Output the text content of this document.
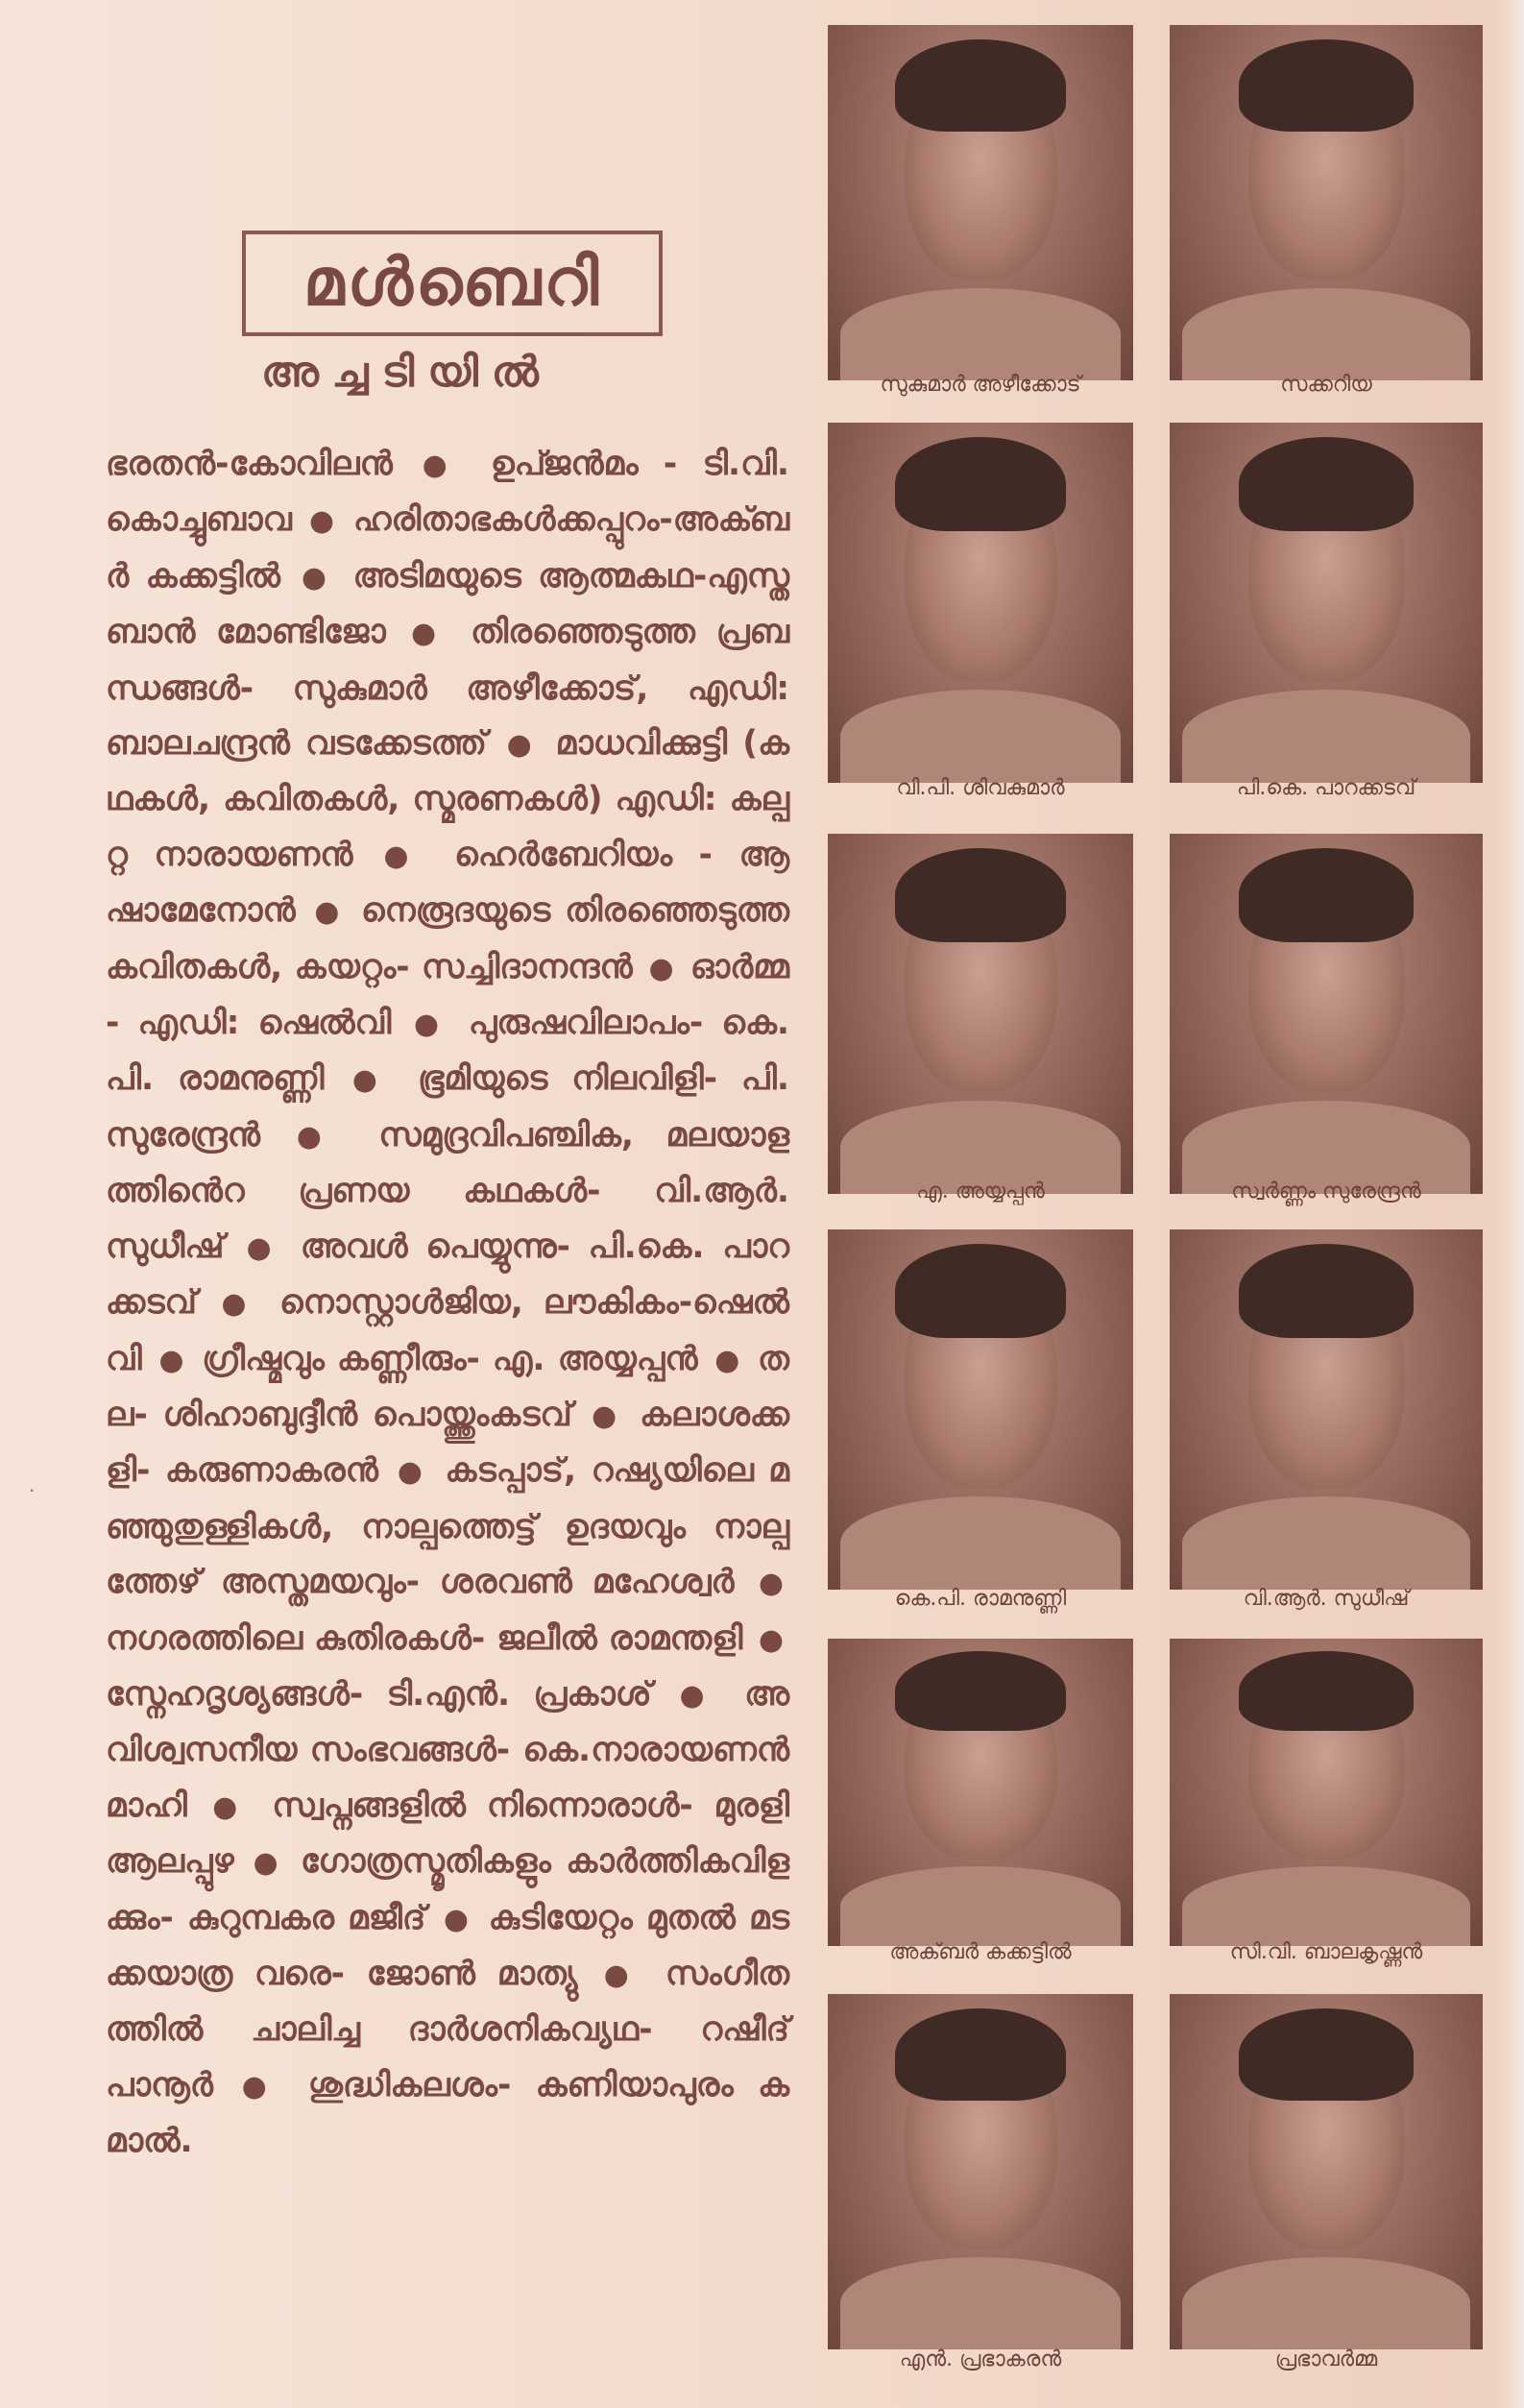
മൾബെറി
അച്ചടിയിൽ
ഭരതൻ-കോവിലൻ ● ഉപ്ജൻമം - ടി.വി. കൊച്ചുബാവ ● ഹരിതാഭകൾക്കപ്പുറം-അക്ബർ കക്കട്ടിൽ ● അടിമയുടെ ആത്മകഥ-എസ്തബാൻ മോണ്ടിജോ ● തിരഞ്ഞെടുത്ത പ്രബന്ധങ്ങൾ- സുകുമാർ അഴീക്കോട്, എഡി: ബാലചന്ദ്രൻ വടക്കേടത്ത് ● മാധവിക്കുട്ടി (കഥകൾ, കവിതകൾ, സ്മരണകൾ) എഡി: കല്പറ്റ നാരായണൻ ● ഹെർബേറിയം - ആഷാമേനോൻ ● നെരൂദയുടെ തിരഞ്ഞെടുത്ത കവിതകൾ, കയറ്റം- സച്ചിദാനന്ദൻ ● ഓർമ്മ- എഡി: ഷെൽവി ● പുരുഷവിലാപം- കെ.പി. രാമനുണ്ണി ● ഭൂമിയുടെ നിലവിളി- പി. സുരേന്ദ്രൻ ● സമുദ്രവിപഞ്ചിക, മലയാളത്തിൻെറ പ്രണയ കഥകൾ- വി.ആർ. സുധീഷ് ● അവൾ പെയ്യുന്നു- പി.കെ. പാറക്കടവ് ● നൊസ്റ്റാൾജിയ, ലൗകികം-ഷെൽവി ● ഗ്രീഷ്മവും കണ്ണീരും- എ. അയ്യപ്പൻ ● തല- ശിഹാബുദ്ദീൻ പൊയ്ത്തുംകടവ് ● കലാശക്കളി- കരുണാകരൻ ● കടപ്പാട്, റഷ്യയിലെ മഞ്ഞുതുള്ളികൾ, നാല്പത്തെട്ട് ഉദയവും നാല്പത്തേഴ് അസ്തമയവും- ശരവൺ മഹേശ്വർ ● നഗരത്തിലെ കുതിരകൾ- ജലീൽ രാമന്തളി ● സ്നേഹദൃശ്യങ്ങൾ- ടി.എൻ. പ്രകാശ് ● അവിശ്വസനീയ സംഭവങ്ങൾ- കെ.നാരായണൻ മാഹി ● സ്വപ്നങ്ങളിൽ നിന്നൊരാൾ- മുരളി ആലപ്പുഴ ● ഗോത്രസ്മൃതികളും കാർത്തികവിളക്കും- കുറുമ്പകര മജീദ് ● കുടിയേറ്റം മുതൽ മടക്കയാത്ര വരെ- ജോൺ മാത്യു ● സംഗീതത്തിൽ ചാലിച്ച ദാർശനികവ്യഥ- റഷീദ് പാനൂർ ● ശുദ്ധികലശം- കണിയാപുരം കമാൽ.
സുകുമാർ അഴീക്കോട്	സക്കറിയ
വി.പി. ശിവകുമാർ	പി.കെ. പാറക്കടവ്
എ. അയ്യപ്പൻ	സ്വർണ്ണം സുരേന്ദ്രൻ
കെ.പി. രാമനുണ്ണി	വി.ആർ. സുധീഷ്
അക്ബർ കക്കട്ടിൽ	സി.വി. ബാലകൃഷ്ണൻ
എൻ. പ്രഭാകരൻ	പ്രഭാവർമ്മ
·
